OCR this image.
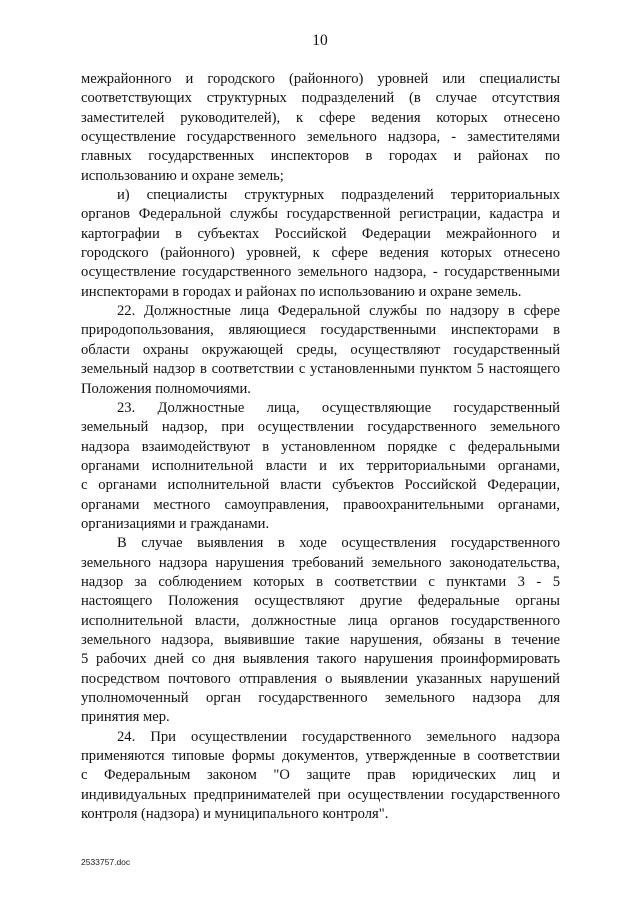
10
межрайонного и городского (районного) уровней или специалисты
соответствующих структурных подразделений (в случае отсутствия
заместителей руководителей), к сфере ведения которых отнесено
осуществление государственного земельного надзора, - заместителями
главных государственных инспекторов в городах и районах по
использованию и охране земель;
и) специалисты структурных подразделений территориальных
органов Федеральной службы государственной регистрации, кадастра и
картографии в субъектах Российской Федерации межрайонного и
городского (районного) уровней, к сфере ведения которых отнесено
осуществление государственного земельного надзора, - государственными
инспекторами в городах и районах по использованию и охране земель.
22. Должностные лица Федеральной службы по надзору в сфере
природопользования, являющиеся государственными инспекторами в
области охраны окружающей среды, осуществляют государственный
земельный надзор в соответствии с установленными пунктом 5 настоящего
Положения полномочиями.
23. Должностные лица, осуществляющие государственный
земельный надзор, при осуществлении государственного земельного
надзора взаимодействуют в установленном порядке с федеральными
органами исполнительной власти и их территориальными органами,
с органами исполнительной власти субъектов Российской Федерации,
органами местного самоуправления, правоохранительными органами,
организациями и гражданами.
В случае выявления в ходе осуществления государственного
земельного надзора нарушения требований земельного законодательства,
надзор за соблюдением которых в соответствии с пунктами 3 - 5
настоящего Положения осуществляют другие федеральные органы
исполнительной власти, должностные лица органов государственного
земельного надзора, выявившие такие нарушения, обязаны в течение
5 рабочих дней со дня выявления такого нарушения проинформировать
посредством почтового отправления о выявлении указанных нарушений
уполномоченный орган государственного земельного надзора для
принятия мер.
24. При осуществлении государственного земельного надзора
применяются типовые формы документов, утвержденные в соответствии
с Федеральным законом "О защите прав юридических лиц и
индивидуальных предпринимателей при осуществлении государственного
контроля (надзора) и муниципального контроля".
2533757.doc
